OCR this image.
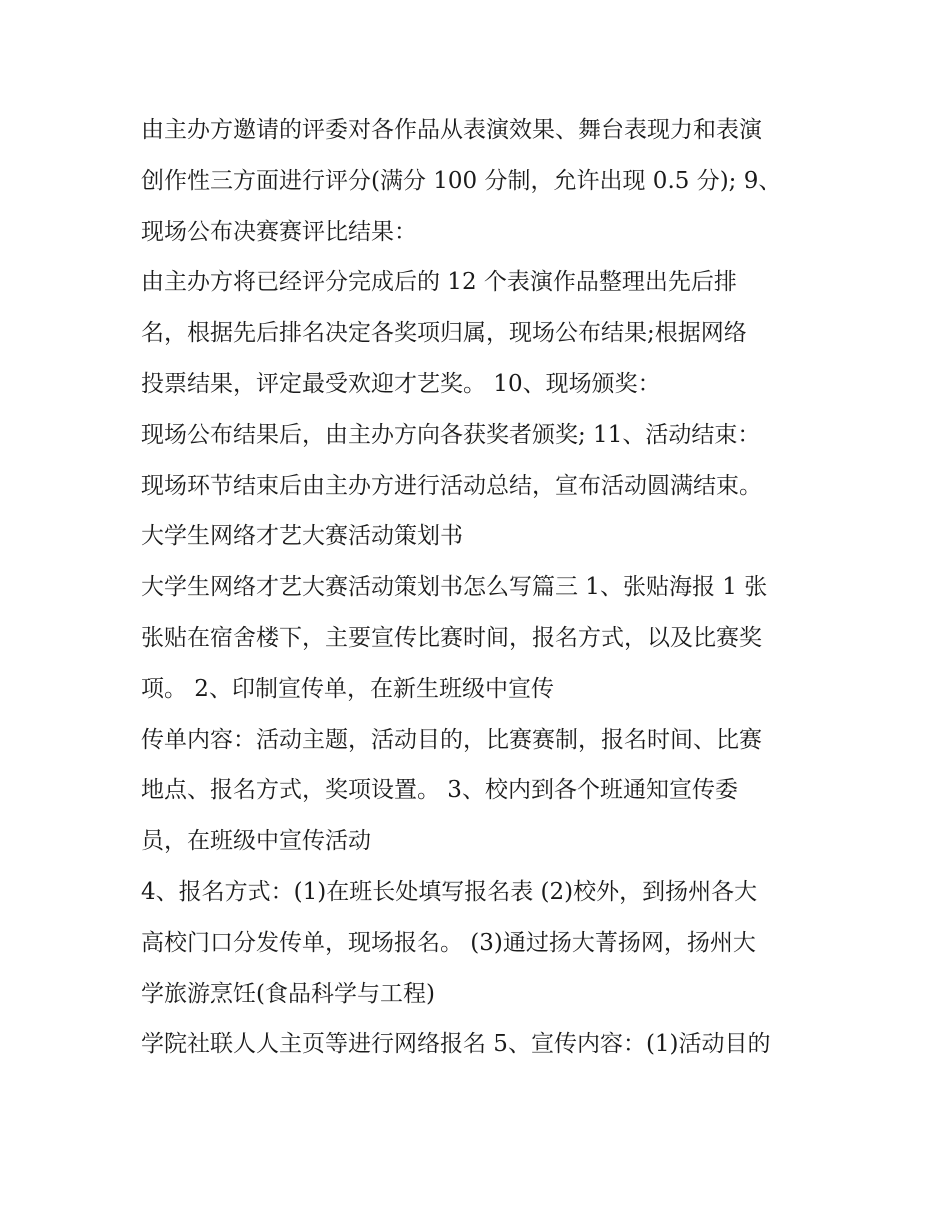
由主办方邀请的评委对各作品从表演效果、舞台表现力和表演

创作性三方面进行评分(满分 100 分制，允许出现 0.5 分); 9、

现场公布决赛赛评比结果：

由主办方将已经评分完成后的 12 个表演作品整理出先后排

名，根据先后排名决定各奖项归属，现场公布结果;根据网络

投票结果，评定最受欢迎才艺奖。 10、现场颁奖：

现场公布结果后，由主办方向各获奖者颁奖; 11、活动结束：

现场环节结束后由主办方进行活动总结，宣布活动圆满结束。

大学生网络才艺大赛活动策划书

大学生网络才艺大赛活动策划书怎么写篇三 1、张贴海报 1 张

张贴在宿舍楼下，主要宣传比赛时间，报名方式，以及比赛奖

项。 2、印制宣传单，在新生班级中宣传

传单内容：活动主题，活动目的，比赛赛制，报名时间、比赛

地点、报名方式，奖项设置。 3、校内到各个班通知宣传委

员，在班级中宣传活动

4、报名方式：(1)在班长处填写报名表 (2)校外，到扬州各大

高校门口分发传单，现场报名。 (3)通过扬大菁扬网，扬州大

学旅游烹饪(食品科学与工程)

学院社联人人主页等进行网络报名 5、宣传内容：(1)活动目的
